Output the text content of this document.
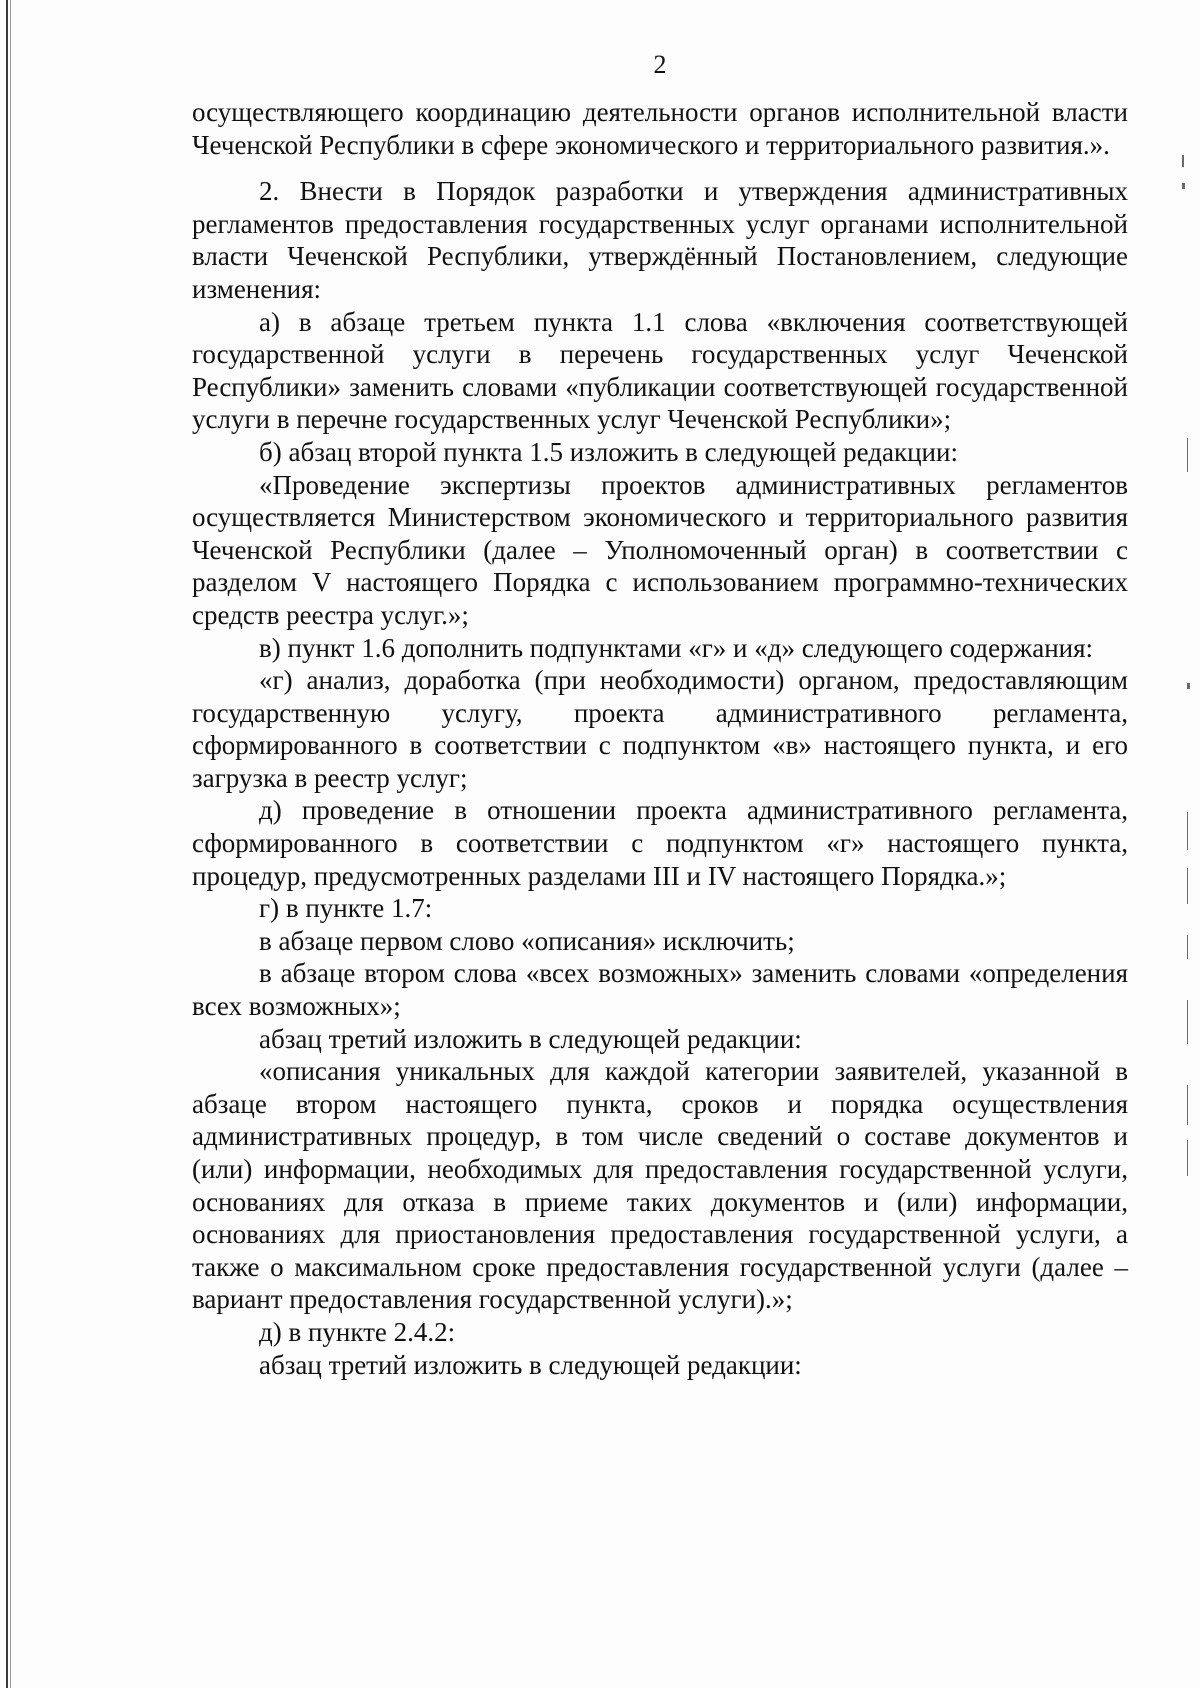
2

осуществляющего координацию деятельности органов исполнительной власти Чеченской Республики в сфере экономического и территориального развития.».

2. Внести в Порядок разработки и утверждения административных регламентов предоставления государственных услуг органами исполнительной власти Чеченской Республики, утверждённый Постановлением, следующие изменения:

а) в абзаце третьем пункта 1.1 слова «включения соответствующей государственной услуги в перечень государственных услуг Чеченской Республики» заменить словами «публикации соответствующей государственной услуги в перечне государственных услуг Чеченской Республики»;

б) абзац второй пункта 1.5 изложить в следующей редакции:

«Проведение экспертизы проектов административных регламентов осуществляется Министерством экономического и территориального развития Чеченской Республики (далее – Уполномоченный орган) в соответствии с разделом V настоящего Порядка с использованием программно-технических средств реестра услуг.»;

в) пункт 1.6 дополнить подпунктами «г» и «д» следующего содержания:

«г) анализ, доработка (при необходимости) органом, предоставляющим государственную услугу, проекта административного регламента, сформированного в соответствии с подпунктом «в» настоящего пункта, и его загрузка в реестр услуг;

д) проведение в отношении проекта административного регламента, сформированного в соответствии с подпунктом «г» настоящего пункта, процедур, предусмотренных разделами III и IV настоящего Порядка.»;

г) в пункте 1.7:

в абзаце первом слово «описания» исключить;

в абзаце втором слова «всех возможных» заменить словами «определения всех возможных»;

абзац третий изложить в следующей редакции:

«описания уникальных для каждой категории заявителей, указанной в абзаце втором настоящего пункта, сроков и порядка осуществления административных процедур, в том числе сведений о составе документов и (или) информации, необходимых для предоставления государственной услуги, основаниях для отказа в приеме таких документов и (или) информации, основаниях для приостановления предоставления государственной услуги, а также о максимальном сроке предоставления государственной услуги (далее – вариант предоставления государственной услуги).»;

д) в пункте 2.4.2:

абзац третий изложить в следующей редакции:
